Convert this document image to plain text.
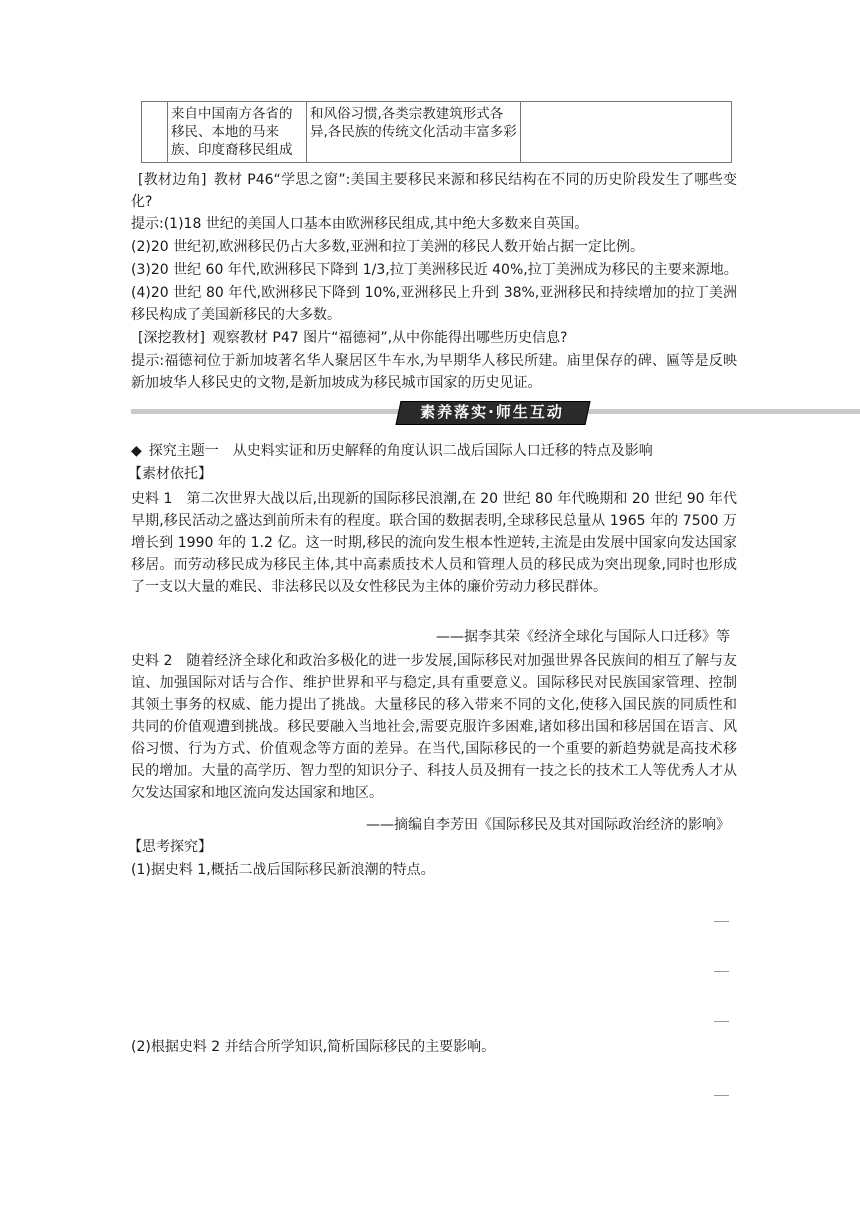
	来自中国南方各省的移民、本地的马来族、印度裔移民组成	和风俗习惯,各类宗教建筑形式各异,各民族的传统文化活动丰富多彩	

 [教材边角]  教材 P46“学思之窗”:美国主要移民来源和移民结构在不同的历史阶段发生了哪些变化?

提示:(1)18 世纪的美国人口基本由欧洲移民组成,其中绝大多数来自英国。

(2)20 世纪初,欧洲移民仍占大多数,亚洲和拉丁美洲的移民人数开始占据一定比例。

(3)20 世纪 60 年代,欧洲移民下降到 1/3,拉丁美洲移民近 40%,拉丁美洲成为移民的主要来源地。

(4)20 世纪 80 年代,欧洲移民下降到 10%,亚洲移民上升到 38%,亚洲移民和持续增加的拉丁美洲移民构成了美国新移民的大多数。

 [深挖教材]  观察教材 P47 图片“福德祠”,从中你能得出哪些历史信息?

提示:福德祠位于新加坡著名华人聚居区牛车水,为早期华人移民所建。庙里保存的碑、匾等是反映新加坡华人移民史的文物,是新加坡成为移民城市国家的历史见证。

素养落实·师生互动

◆  探究主题一　从史料实证和历史解释的角度认识二战后国际人口迁移的特点及影响

【素材依托】

史料 1  第二次世界大战以后,出现新的国际移民浪潮,在 20 世纪 80 年代晚期和 20 世纪 90 年代早期,移民活动之盛达到前所未有的程度。联合国的数据表明,全球移民总量从 1965 年的 7500 万增长到 1990 年的 1.2 亿。这一时期,移民的流向发生根本性逆转,主流是由发展中国家向发达国家移居。而劳动移民成为移民主体,其中高素质技术人员和管理人员的移民成为突出现象,同时也形成了一支以大量的难民、非法移民以及女性移民为主体的廉价劳动力移民群体。

——据李其荣《经济全球化与国际人口迁移》等

史料 2  随着经济全球化和政治多极化的进一步发展,国际移民对加强世界各民族间的相互了解与友谊、加强国际对话与合作、维护世界和平与稳定,具有重要意义。国际移民对民族国家管理、控制其领土事务的权威、能力提出了挑战。大量移民的移入带来不同的文化,使移入国民族的同质性和共同的价值观遭到挑战。移民要融入当地社会,需要克服许多困难,诸如移出国和移居国在语言、风俗习惯、行为方式、价值观念等方面的差异。在当代,国际移民的一个重要的新趋势就是高技术移民的增加。大量的高学历、智力型的知识分子、科技人员及拥有一技之长的技术工人等优秀人才从欠发达国家和地区流向发达国家和地区。

——摘编自李芳田《国际移民及其对国际政治经济的影响》

【思考探究】

(1)据史料 1,概括二战后国际移民新浪潮的特点。

(2)根据史料 2 并结合所学知识,简析国际移民的主要影响。
